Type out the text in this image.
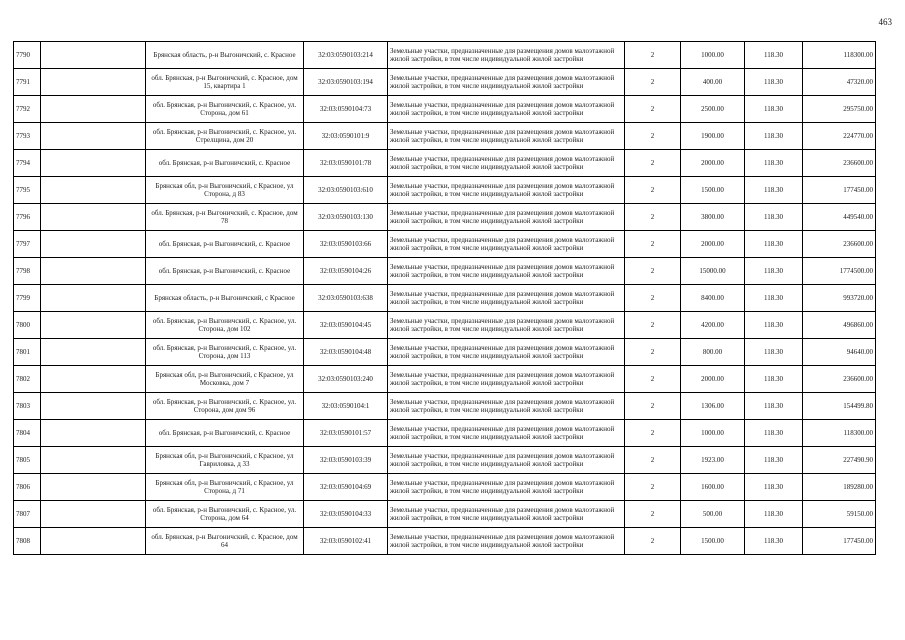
463
7790		Брянская область, р-н Выгоничский, с. Красное	32:03:0590103:214	Земельные участки, предназначенные для размещения домов малоэтажной жилой застройки, в том числе индивидуальной жилой застройки	2	1000.00	118.30	118300.00
7791		обл. Брянская, р-н Выгоничский, с. Красное, дом 15, квартира 1	32:03:0590103:194	Земельные участки, предназначенные для размещения домов малоэтажной жилой застройки, в том числе индивидуальной жилой застройки	2	400.00	118.30	47320.00
7792		обл. Брянская, р-н Выгоничский, с. Красное, ул. Сторона, дом 61	32:03:0590104:73	Земельные участки, предназначенные для размещения домов малоэтажной жилой застройки, в том числе индивидуальной жилой застройки	2	2500.00	118.30	295750.00
7793		обл. Брянская, р-н Выгоничский, с. Красное, ул. Стрелщина, дом 20	32:03:0590101:9	Земельные участки, предназначенные для размещения домов малоэтажной жилой застройки, в том числе индивидуальной жилой застройки	2	1900.00	118.30	224770.00
7794		обл. Брянская, р-н Выгоничский, с. Красное	32:03:0590101:78	Земельные участки, предназначенные для размещения домов малоэтажной жилой застройки, в том числе индивидуальной жилой застройки	2	2000.00	118.30	236600.00
7795		Брянская обл, р-н Выгоничский, с Красное, ул Сторона, д 83	32:03:0590103:610	Земельные участки, предназначенные для размещения домов малоэтажной жилой застройки, в том числе индивидуальной жилой застройки	2	1500.00	118.30	177450.00
7796		обл. Брянская, р-н Выгоничский, с. Красное, дом 78	32:03:0590103:130	Земельные участки, предназначенные для размещения домов малоэтажной жилой застройки, в том числе индивидуальной жилой застройки	2	3800.00	118.30	449540.00
7797		обл. Брянская, р-н Выгоничский, с. Красное	32:03:0590103:66	Земельные участки, предназначенные для размещения домов малоэтажной жилой застройки, в том числе индивидуальной жилой застройки	2	2000.00	118.30	236600.00
7798		обл. Брянская, р-н Выгоничский, с. Красное	32:03:0590104:26	Земельные участки, предназначенные для размещения домов малоэтажной жилой застройки, в том числе индивидуальной жилой застройки	2	15000.00	118.30	1774500.00
7799		Брянская область, р-н Выгоничский, с Красное	32:03:0590103:638	Земельные участки, предназначенные для размещения домов малоэтажной жилой застройки, в том числе индивидуальной жилой застройки	2	8400.00	118.30	993720.00
7800		обл. Брянская, р-н Выгоничский, с. Красное, ул. Сторона, дом 102	32:03:0590104:45	Земельные участки, предназначенные для размещения домов малоэтажной жилой застройки, в том числе индивидуальной жилой застройки	2	4200.00	118.30	496860.00
7801		обл. Брянская, р-н Выгоничский, с. Красное, ул. Сторона, дом 113	32:03:0590104:48	Земельные участки, предназначенные для размещения домов малоэтажной жилой застройки, в том числе индивидуальной жилой застройки	2	800.00	118.30	94640.00
7802		Брянская обл, р-н Выгоничский, с Красное, ул Московка, дом 7	32:03:0590103:240	Земельные участки, предназначенные для размещения домов малоэтажной жилой застройки, в том числе индивидуальной жилой застройки	2	2000.00	118.30	236600.00
7803		обл. Брянская, р-н Выгоничский, с. Красное, ул. Сторона, дом дом 96	32:03:0590104:1	Земельные участки, предназначенные для размещения домов малоэтажной жилой застройки, в том числе индивидуальной жилой застройки	2	1306.00	118.30	154499.80
7804		обл. Брянская, р-н Выгоничский, с. Красное	32:03:0590101:57	Земельные участки, предназначенные для размещения домов малоэтажной жилой застройки, в том числе индивидуальной жилой застройки	2	1000.00	118.30	118300.00
7805		Брянская обл, р-н Выгоничский, с Красное, ул Гавриловка, д 33	32:03:0590103:39	Земельные участки, предназначенные для размещения домов малоэтажной жилой застройки, в том числе индивидуальной жилой застройки	2	1923.00	118.30	227490.90
7806		Брянская обл, р-н Выгоничский, с Красное, ул Сторона, д 71	32:03:0590104:69	Земельные участки, предназначенные для размещения домов малоэтажной жилой застройки, в том числе индивидуальной жилой застройки	2	1600.00	118.30	189280.00
7807		обл. Брянская, р-н Выгоничский, с. Красное, ул. Сторона, дом 64	32:03:0590104:33	Земельные участки, предназначенные для размещения домов малоэтажной жилой застройки, в том числе индивидуальной жилой застройки	2	500.00	118.30	59150.00
7808		обл. Брянская, р-н Выгоничский, с. Красное, дом 64	32:03:0590102:41	Земельные участки, предназначенные для размещения домов малоэтажной жилой застройки, в том числе индивидуальной жилой застройки	2	1500.00	118.30	177450.00
